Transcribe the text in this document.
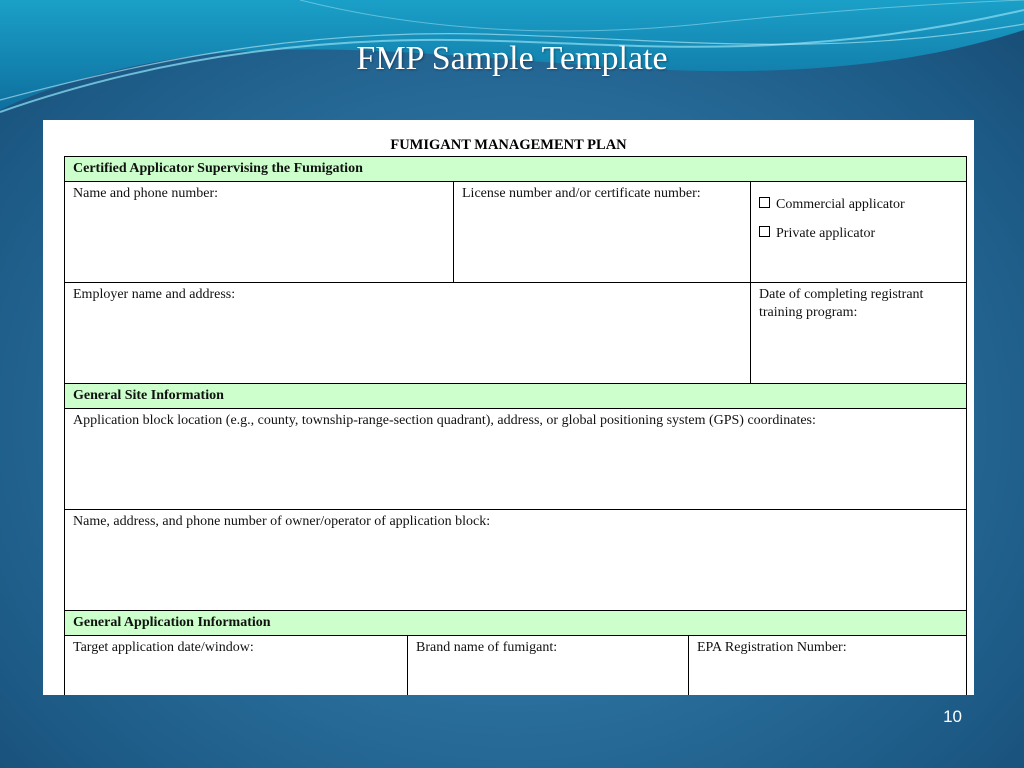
FMP Sample Template
FUMIGANT MANAGEMENT PLAN
Certified Applicator Supervising the Fumigation				
Name and phone number:		License number and/or certificate number:		Commercial applicator
Private applicator

Employer name and address:				Date of completing registrant training program:
General Site Information				
Application block location (e.g., county, township-range-section quadrant), address, or global positioning system (GPS) coordinates:				
Name, address, and phone number of owner/operator of application block:				
General Application Information				
Target application date/window:	Brand name of fumigant:		EPA Registration Number:	

10
